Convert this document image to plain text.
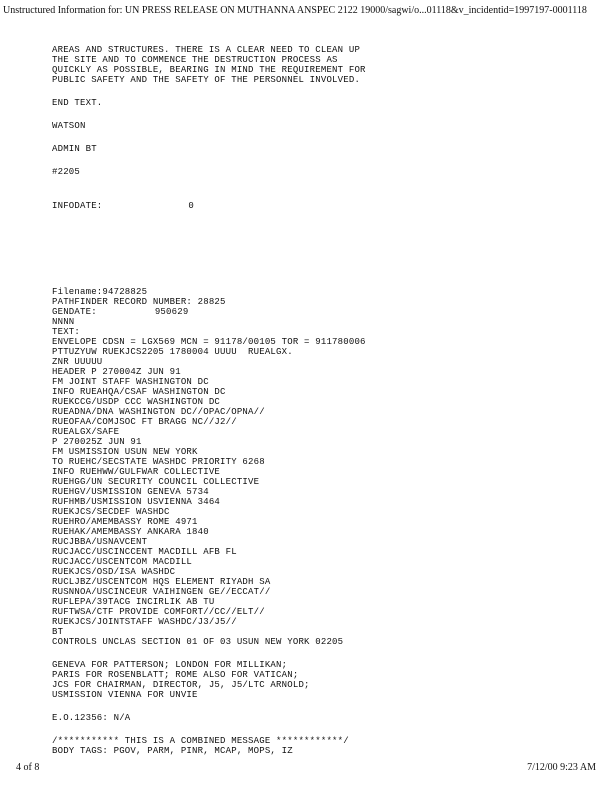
Unstructured Information for: UN PRESS RELEASE ON MUTHANNA ANSPEC 2122 19000/sagwi/o...01118&v_incidentid=1997197-0001118
AREAS AND STRUCTURES. THERE IS A CLEAR NEED TO CLEAN UP
THE SITE AND TO COMMENCE THE DESTRUCTION PROCESS AS
QUICKLY AS POSSIBLE, BEARING IN MIND THE REQUIREMENT FOR
PUBLIC SAFETY AND THE SAFETY OF THE PERSONNEL INVOLVED.
END TEXT.
WATSON
ADMIN BT
#2205
INFODATE:	0
Filename:94728825
PATHFINDER RECORD NUMBER: 28825
GENDATE:	950629
NNNN
TEXT:
ENVELOPE CDSN = LGX569 MCN = 91178/00105 TOR = 911780006
PTTUZYUW RUEKJCS2205 1780004 UUUU  RUEALGX.
ZNR UUUUU
HEADER P 270004Z JUN 91
FM JOINT STAFF WASHINGTON DC
INFO RUEAHQA/CSAF WASHINGTON DC
RUEKCCG/USDP CCC WASHINGTON DC
RUEADNA/DNA WASHINGTON DC//OPAC/OPNA//
RUEOFAA/COMJSOC FT BRAGG NC//J2//
RUEALGX/SAFE
P 270025Z JUN 91
FM USMISSION USUN NEW YORK
TO RUEHC/SECSTATE WASHDC PRIORITY 6268
INFO RUEHWW/GULFWAR COLLECTIVE
RUEHGG/UN SECURITY COUNCIL COLLECTIVE
RUEHGV/USMISSION GENEVA 5734
RUFHMB/USMISSION USVIENNA 3464
RUEKJCS/SECDEF WASHDC
RUEHRO/AMEMBASSY ROME 4971
RUEHAK/AMEMBASSY ANKARA 1840
RUCJBBA/USNAVCENT
RUCJACC/USCINCCENT MACDILL AFB FL
RUCJACC/USCENTCOM MACDILL
RUEKJCS/OSD/ISA WASHDC
RUCLJBZ/USCENTCOM HQS ELEMENT RIYADH SA
RUSNNOA/USCINCEUR VAIHINGEN GE//ECCAT//
RUFLEPA/39TACG INCIRLIK AB TU
RUFTWSA/CTF PROVIDE COMFORT//CC//ELT//
RUEKJCS/JOINTSTAFF WASHDC/J3/J5//
BT
CONTROLS UNCLAS SECTION 01 OF 03 USUN NEW YORK 02205
GENEVA FOR PATTERSON; LONDON FOR MILLIKAN;
PARIS FOR ROSENBLATT; ROME ALSO FOR VATICAN;
JCS FOR CHAIRMAN, DIRECTOR, J5, J5/LTC ARNOLD;
USMISSION VIENNA FOR UNVIE
E.O.12356: N/A
/*********** THIS IS A COMBINED MESSAGE ************/
BODY TAGS: PGOV, PARM, PINR, MCAP, MOPS, IZ
4 of 8	7/12/00 9:23 AM
